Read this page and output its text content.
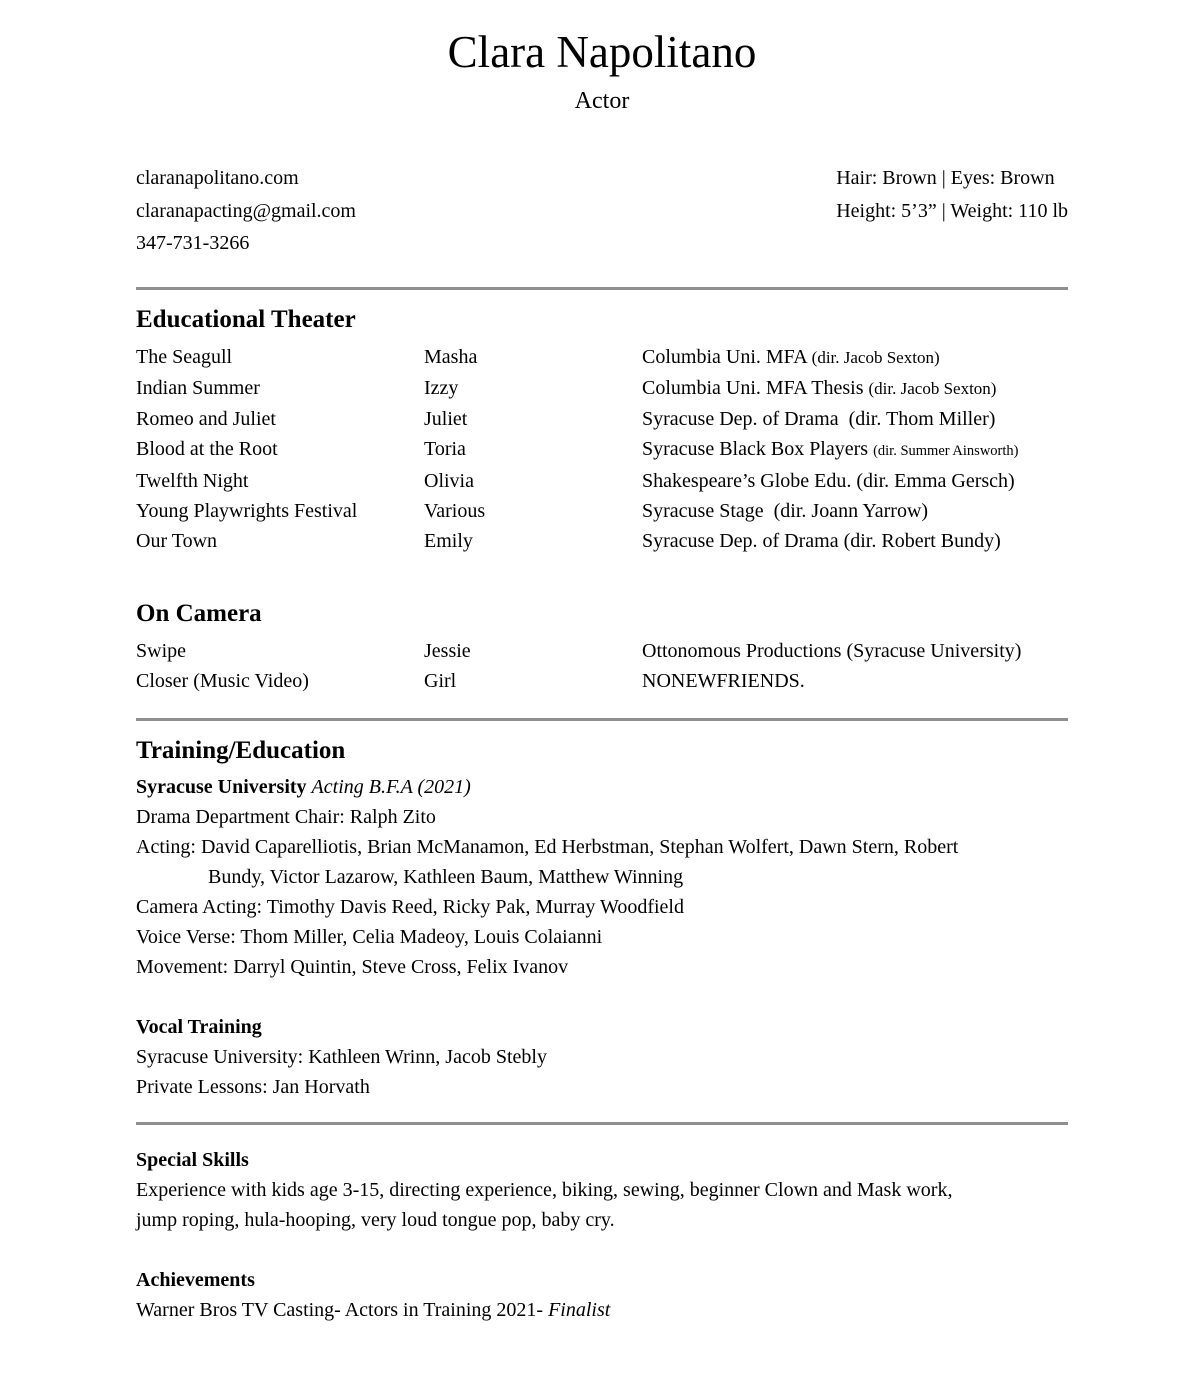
Clara Napolitano
Actor
claranapolitano.com
claranapacting@gmail.com
347-731-3266
Hair: Brown | Eyes: Brown
Height: 5’3” | Weight: 110 lb
Educational Theater
The Seagull	Masha	Columbia Uni. MFA (dir. Jacob Sexton)
Indian Summer	Izzy	Columbia Uni. MFA Thesis (dir. Jacob Sexton)
Romeo and Juliet	Juliet	Syracuse Dep. of Drama (dir. Thom Miller)
Blood at the Root	Toria	Syracuse Black Box Players (dir. Summer Ainsworth)
Twelfth Night	Olivia	Shakespeare’s Globe Edu. (dir. Emma Gersch)
Young Playwrights Festival	Various	Syracuse Stage (dir. Joann Yarrow)
Our Town	Emily	Syracuse Dep. of Drama (dir. Robert Bundy)
On Camera
Swipe	Jessie	Ottonomous Productions (Syracuse University)
Closer (Music Video)	Girl	NONEWFRIENDS.
Training/Education
Syracuse University Acting B.F.A (2021)
Drama Department Chair: Ralph Zito
Acting: David Caparelliotis, Brian McManamon, Ed Herbstman, Stephan Wolfert, Dawn Stern, Robert
Bundy, Victor Lazarow, Kathleen Baum, Matthew Winning
Camera Acting: Timothy Davis Reed, Ricky Pak, Murray Woodfield
Voice Verse: Thom Miller, Celia Madeoy, Louis Colaianni
Movement: Darryl Quintin, Steve Cross, Felix Ivanov
Vocal Training
Syracuse University: Kathleen Wrinn, Jacob Stebly
Private Lessons: Jan Horvath
Special Skills
Experience with kids age 3-15, directing experience, biking, sewing, beginner Clown and Mask work,
jump roping, hula-hooping, very loud tongue pop, baby cry.
Achievements
Warner Bros TV Casting- Actors in Training 2021- Finalist
